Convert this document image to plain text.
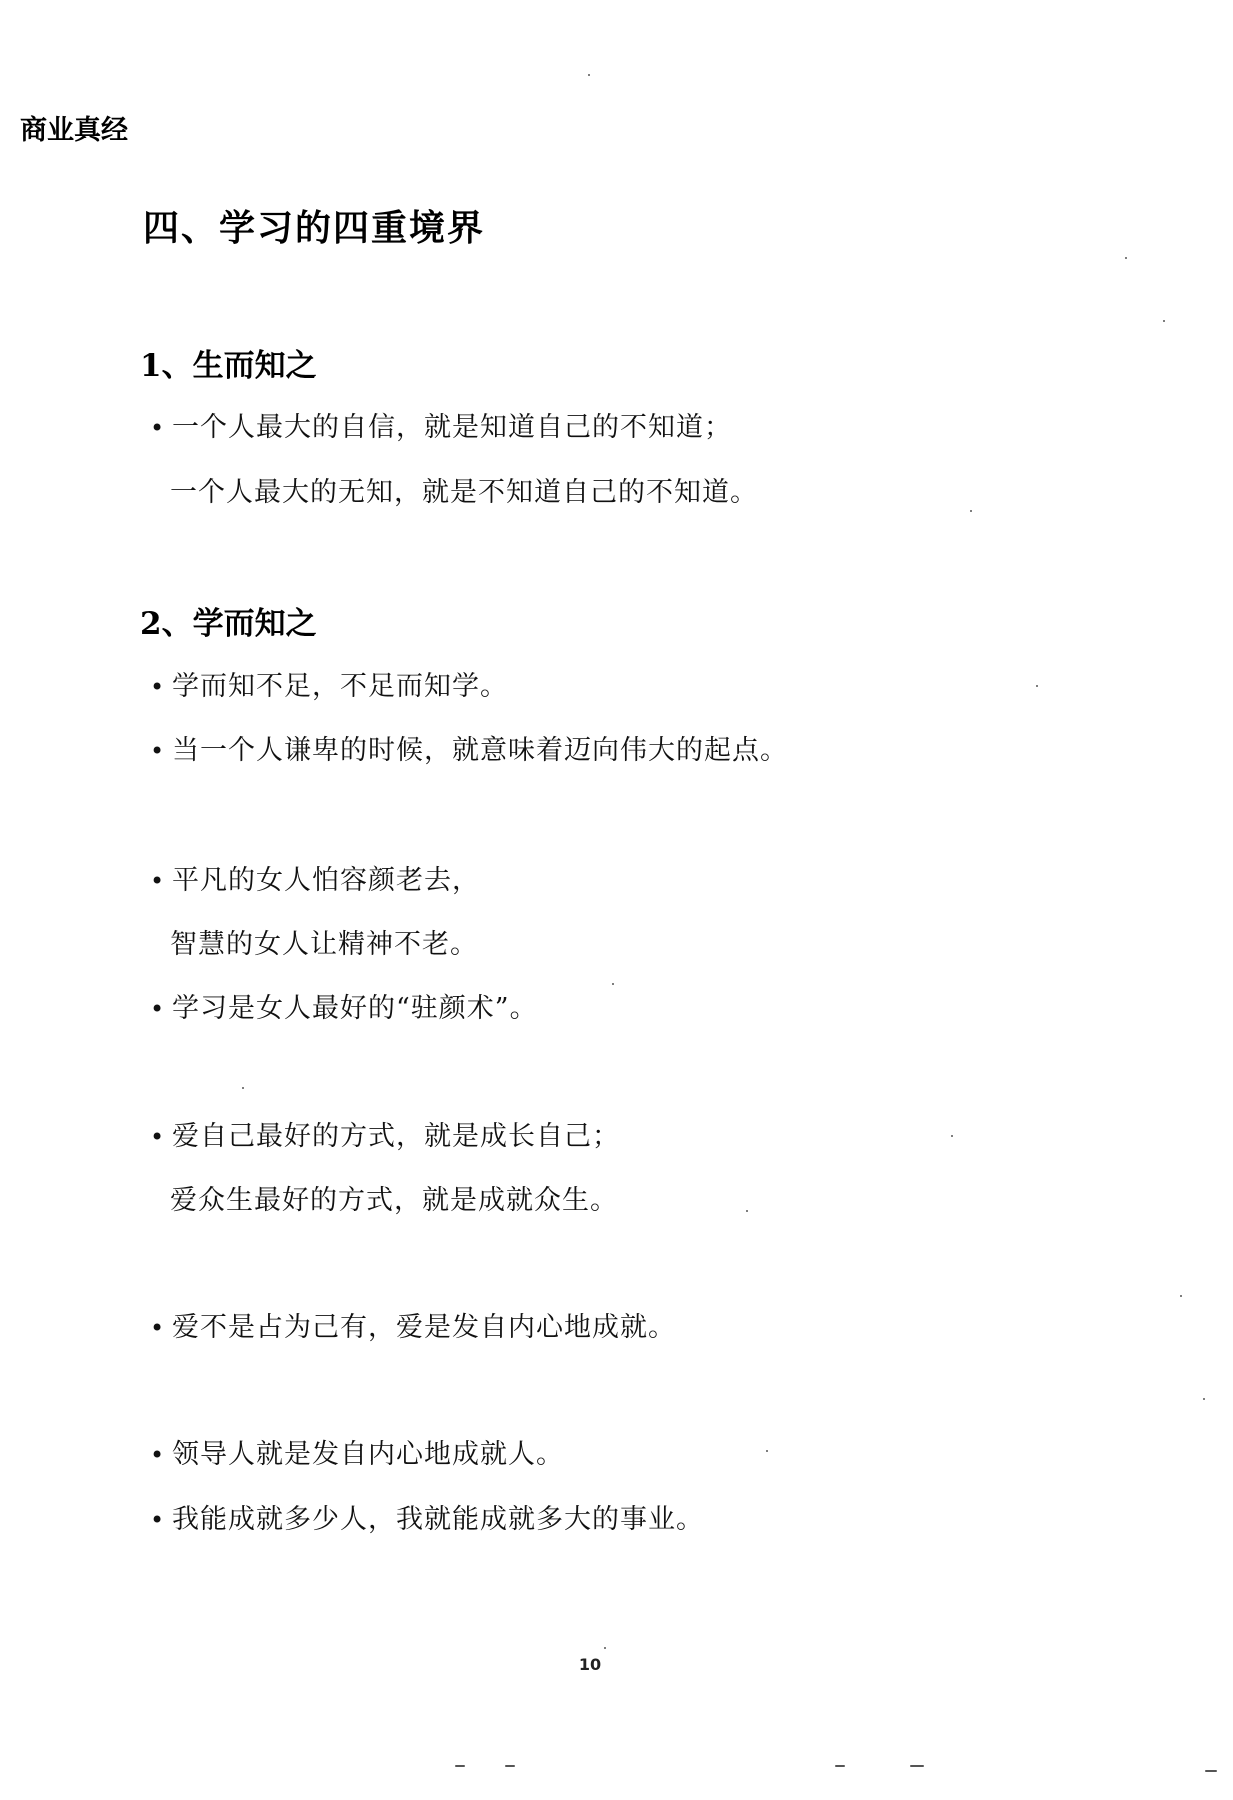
商业真经
四、学习的四重境界
1、生而知之
• 一个人最大的自信，就是知道自己的不知道；
一个人最大的无知，就是不知道自己的不知道。
2、学而知之
• 学而知不足，不足而知学。
• 当一个人谦卑的时候，就意味着迈向伟大的起点。
• 平凡的女人怕容颜老去，
智慧的女人让精神不老。
• 学习是女人最好的“驻颜术”。
• 爱自己最好的方式，就是成长自己；
爱众生最好的方式，就是成就众生。
• 爱不是占为己有，爱是发自内心地成就。
• 领导人就是发自内心地成就人。
• 我能成就多少人，我就能成就多大的事业。
10
